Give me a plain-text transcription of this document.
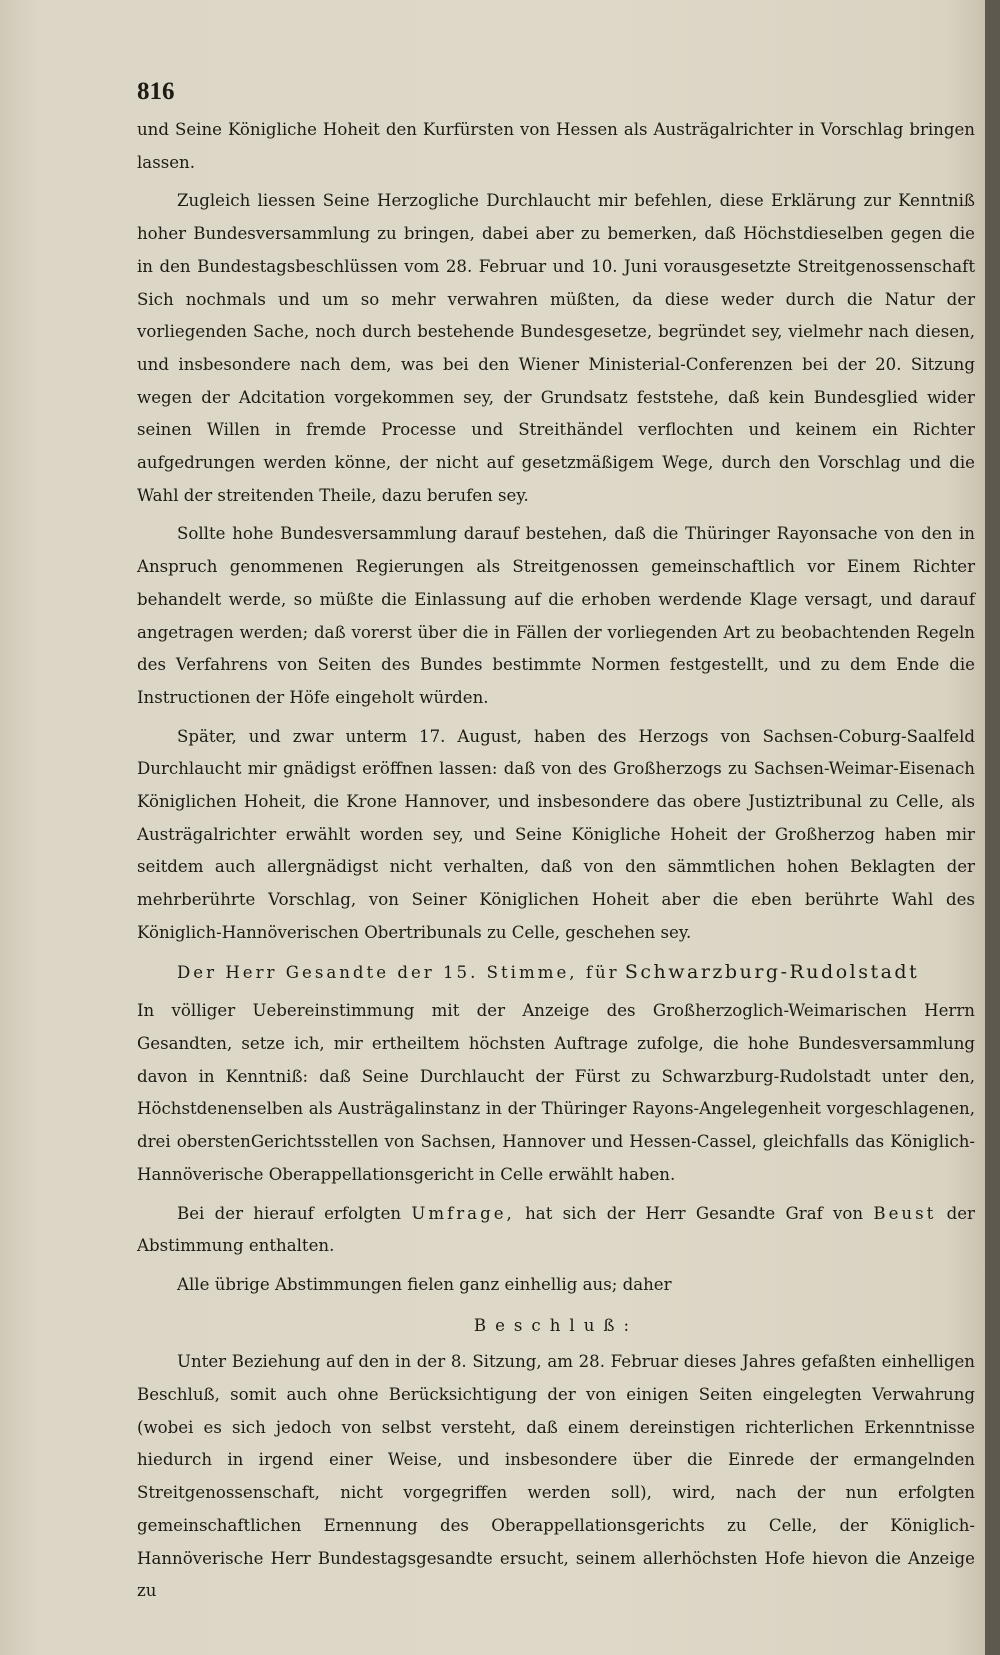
816

und Seine Königliche Hoheit den Kurfürsten von Hessen als Austrägalrichter in Vorschlag bringen lassen.

Zugleich liessen Seine Herzogliche Durchlaucht mir befehlen, diese Erklärung zur Kenntniß hoher Bundesversammlung zu bringen, dabei aber zu bemerken, daß Höchstdieselben gegen die in den Bundestagsbeschlüssen vom 28. Februar und 10. Juni vorausgesetzte Streitgenossenschaft Sich nochmals und um so mehr verwahren müßten, da diese weder durch die Natur der vorliegenden Sache, noch durch bestehende Bundesgesetze, begründet sey, vielmehr nach diesen, und insbesondere nach dem, was bei den Wiener Ministerial-Conferenzen bei der 20. Sitzung wegen der Adcitation vorgekommen sey, der Grundsatz feststehe, daß kein Bundesglied wider seinen Willen in fremde Processe und Streithändel verflochten und keinem ein Richter aufgedrungen werden könne, der nicht auf gesetzmäßigem Wege, durch den Vorschlag und die Wahl der streitenden Theile, dazu berufen sey.

Sollte hohe Bundesversammlung darauf bestehen, daß die Thüringer Rayonsache von den in Anspruch genommenen Regierungen als Streitgenossen gemeinschaftlich vor Einem Richter behandelt werde, so müßte die Einlassung auf die erhoben werdende Klage versagt, und darauf angetragen werden; daß vorerst über die in Fällen der vorliegenden Art zu beobachtenden Regeln des Verfahrens von Seiten des Bundes bestimmte Normen festgestellt, und zu dem Ende die Instructionen der Höfe eingeholt würden.

Später, und zwar unterm 17. August, haben des Herzogs von Sachsen-Coburg-Saalfeld Durchlaucht mir gnädigst eröffnen lassen: daß von des Großherzogs zu Sachsen-Weimar-Eisenach Königlichen Hoheit, die Krone Hannover, und insbesondere das obere Justiztribunal zu Celle, als Austrägalrichter erwählt worden sey, und Seine Königliche Hoheit der Großherzog haben mir seitdem auch allergnädigst nicht verhalten, daß von den sämmtlichen hohen Beklagten der mehrberührte Vorschlag, von Seiner Königlichen Hoheit aber die eben berührte Wahl des Königlich-Hannöverischen Obertribunals zu Celle, geschehen sey.

Der Herr Gesandte der 15. Stimme, für Schwarzburg-Rudolstadt

In völliger Uebereinstimmung mit der Anzeige des Großherzoglich-Weimarischen Herrn Gesandten, setze ich, mir ertheiltem höchsten Auftrage zufolge, die hohe Bundesversammlung davon in Kenntniß: daß Seine Durchlaucht der Fürst zu Schwarzburg-Rudolstadt unter den, Höchstdenenselben als Austrägalinstanz in der Thüringer Rayons-Angelegenheit vorgeschlagenen, drei oberstenGerichtsstellen von Sachsen, Hannover und Hessen-Cassel, gleichfalls das Königlich-Hannöverische Oberappellationsgericht in Celle erwählt haben.

Bei der hierauf erfolgten Umfrage, hat sich der Herr Gesandte Graf von Beust der Abstimmung enthalten.

Alle übrige Abstimmungen fielen ganz einhellig aus; daher

Beschluß:

Unter Beziehung auf den in der 8. Sitzung, am 28. Februar dieses Jahres gefaßten einhelligen Beschluß, somit auch ohne Berücksichtigung der von einigen Seiten eingelegten Verwahrung (wobei es sich jedoch von selbst versteht, daß einem dereinstigen richterlichen Erkenntnisse hiedurch in irgend einer Weise, und insbesondere über die Einrede der ermangelnden Streitgenossenschaft, nicht vorgegriffen werden soll), wird, nach der nun erfolgten gemeinschaftlichen Ernennung des Oberappellationsgerichts zu Celle, der Königlich-Hannöverische Herr Bundestagsgesandte ersucht, seinem allerhöchsten Hofe hievon die Anzeige zu
